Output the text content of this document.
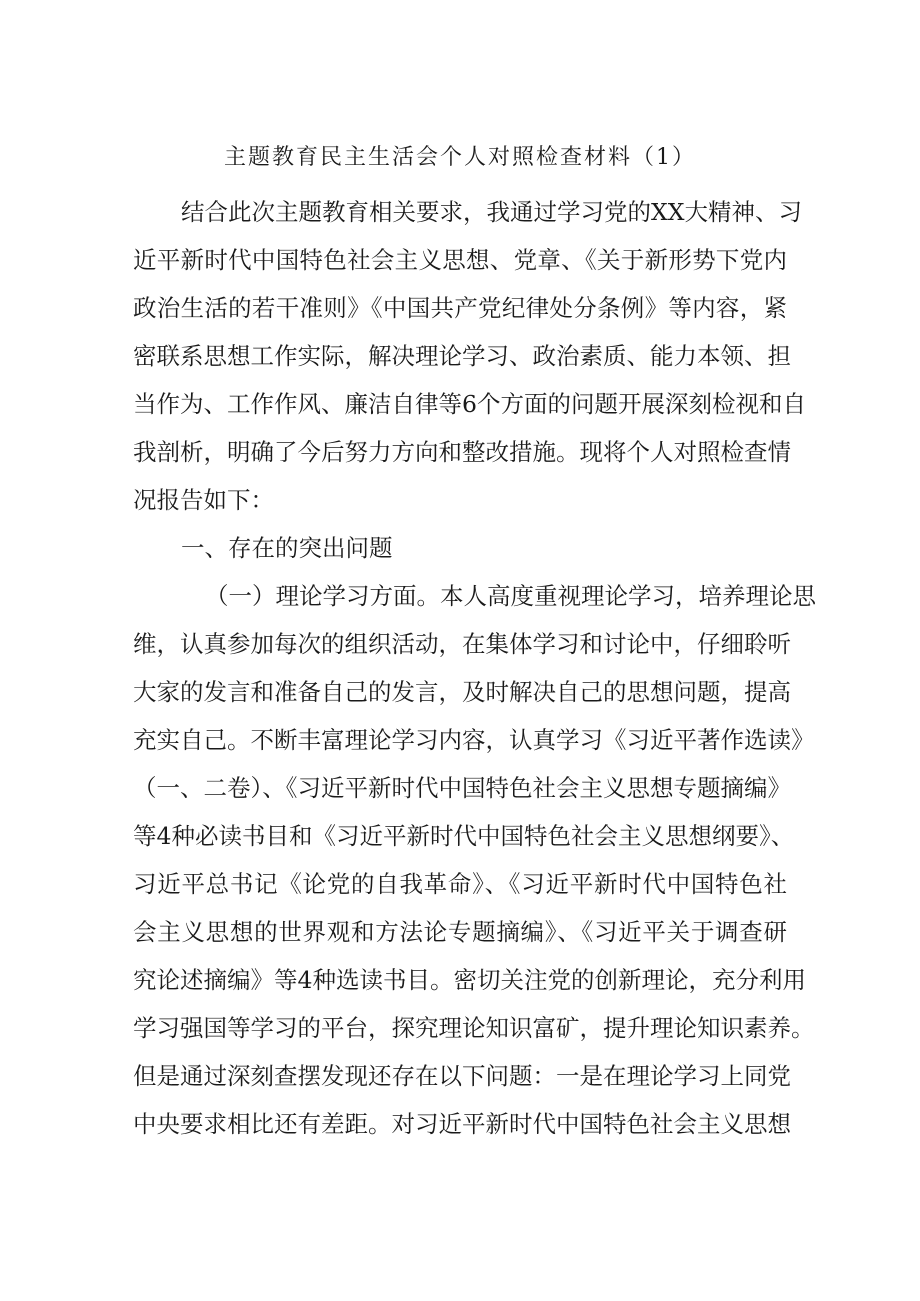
主题教育民主生活会个人对照检查材料（1）
结合此次主题教育相关要求，我通过学习党的XX大精神、习
近平新时代中国特色社会主义思想、党章、《关于新形势下党内
政治生活的若干准则》《中国共产党纪律处分条例》等内容，紧
密联系思想工作实际，解决理论学习、政治素质、能力本领、担
当作为、工作作风、廉洁自律等6个方面的问题开展深刻检视和自
我剖析，明确了今后努力方向和整改措施。现将个人对照检查情
况报告如下：
一、存在的突出问题
（一）理论学习方面。本人高度重视理论学习，培养理论思
维，认真参加每次的组织活动，在集体学习和讨论中，仔细聆听
大家的发言和准备自己的发言，及时解决自己的思想问题，提高
充实自己。不断丰富理论学习内容，认真学习《习近平著作选读》
（一、二卷）、《习近平新时代中国特色社会主义思想专题摘编》
等4种必读书目和《习近平新时代中国特色社会主义思想纲要》、
习近平总书记《论党的自我革命》、《习近平新时代中国特色社
会主义思想的世界观和方法论专题摘编》、《习近平关于调查研
究论述摘编》等4种选读书目。密切关注党的创新理论，充分利用
学习强国等学习的平台，探究理论知识富矿，提升理论知识素养。
但是通过深刻查摆发现还存在以下问题：一是在理论学习上同党
中央要求相比还有差距。对习近平新时代中国特色社会主义思想
